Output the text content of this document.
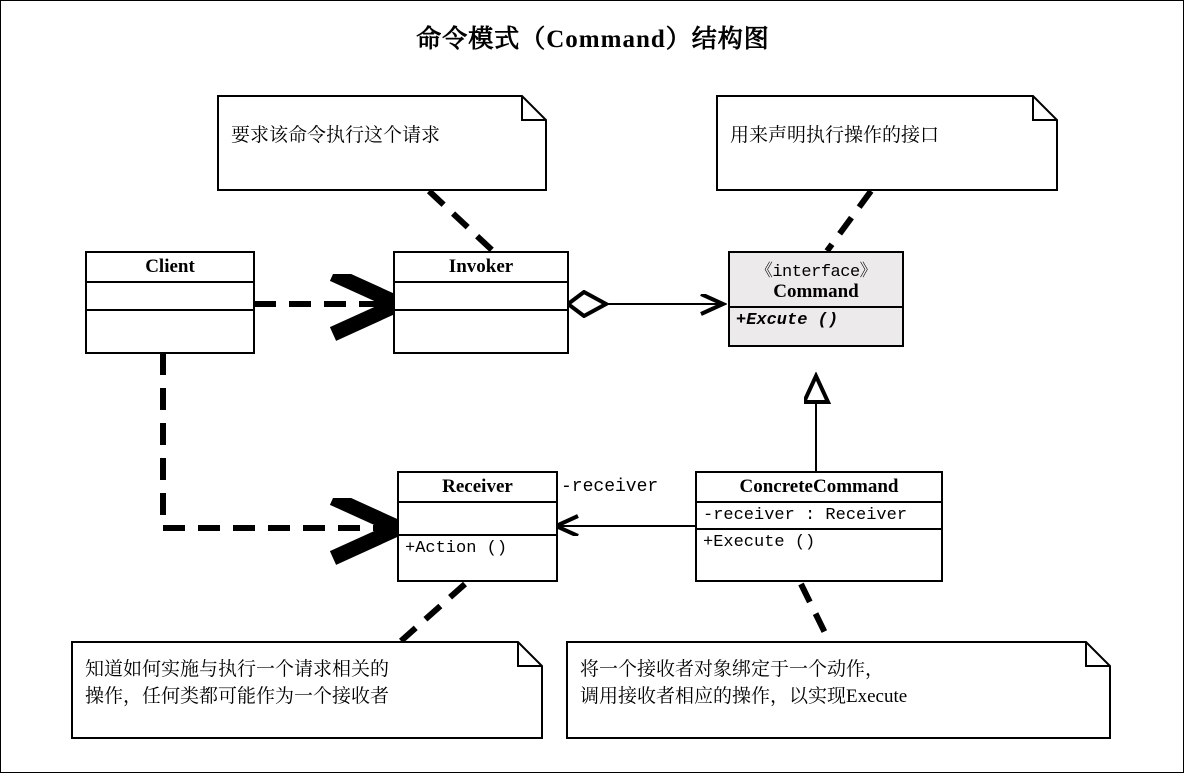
命令模式（Command）结构图
Client	Invoker	《interface》
Command
+Excute ()
Receiver
+Action ()
ConcreteCommand
-receiver : Receiver
+Execute ()
-receiver
要求该命令执行这个请求	用来声明执行操作的接口
知道如何实施与执行一个请求相关的
操作，任何类都可能作为一个接收者
将一个接收者对象绑定于一个动作，
调用接收者相应的操作，以实现Execute
